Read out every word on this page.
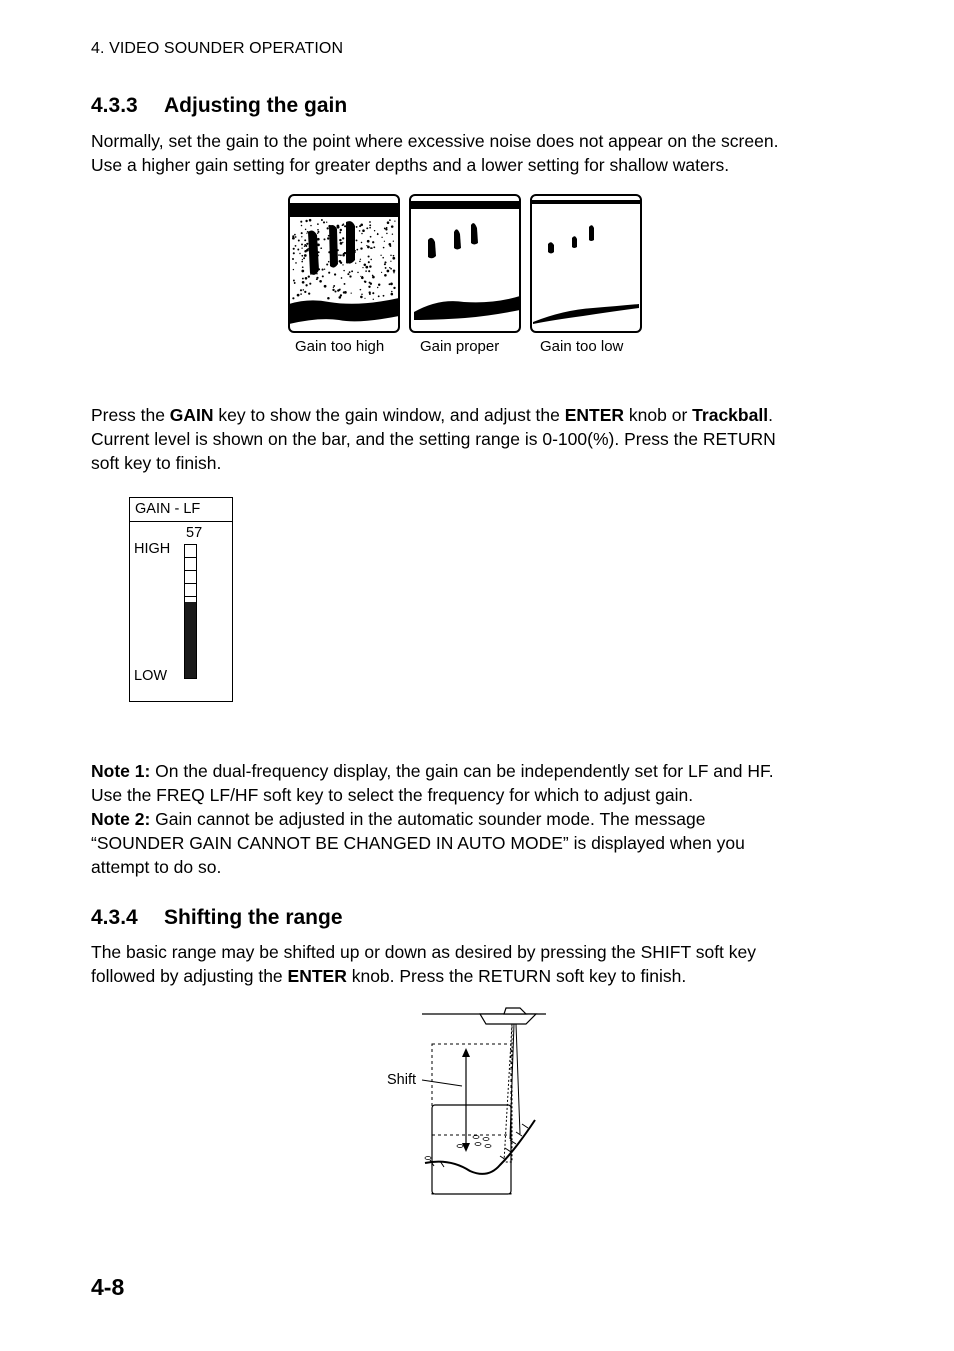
4. VIDEO SOUNDER OPERATION
4.3.3 Adjusting the gain
Normally, set the gain to the point where excessive noise does not appear on the screen.
Use a higher gain setting for greater depths and a lower setting for shallow waters.
Gain too high Gain proper	Gain too low
Press the GAIN key to show the gain window, and adjust the ENTER knob or Trackball.
Current level is shown on the bar, and the setting range is 0-100(%). Press the RETURN
soft key to finish.
GAIN - LF
57
HIGH
LOW
Note 1: On the dual-frequency display, the gain can be independently set for LF and HF.
Use the FREQ LF/HF soft key to select the frequency for which to adjust gain.
Note 2: Gain cannot be adjusted in the automatic sounder mode. The message
“SOUNDER GAIN CANNOT BE CHANGED IN AUTO MODE” is displayed when you
attempt to do so.
4.3.4 Shifting the range
The basic range may be shifted up or down as desired by pressing the SHIFT soft key
followed by adjusting the ENTER knob. Press the RETURN soft key to finish.
Shift
4-8
